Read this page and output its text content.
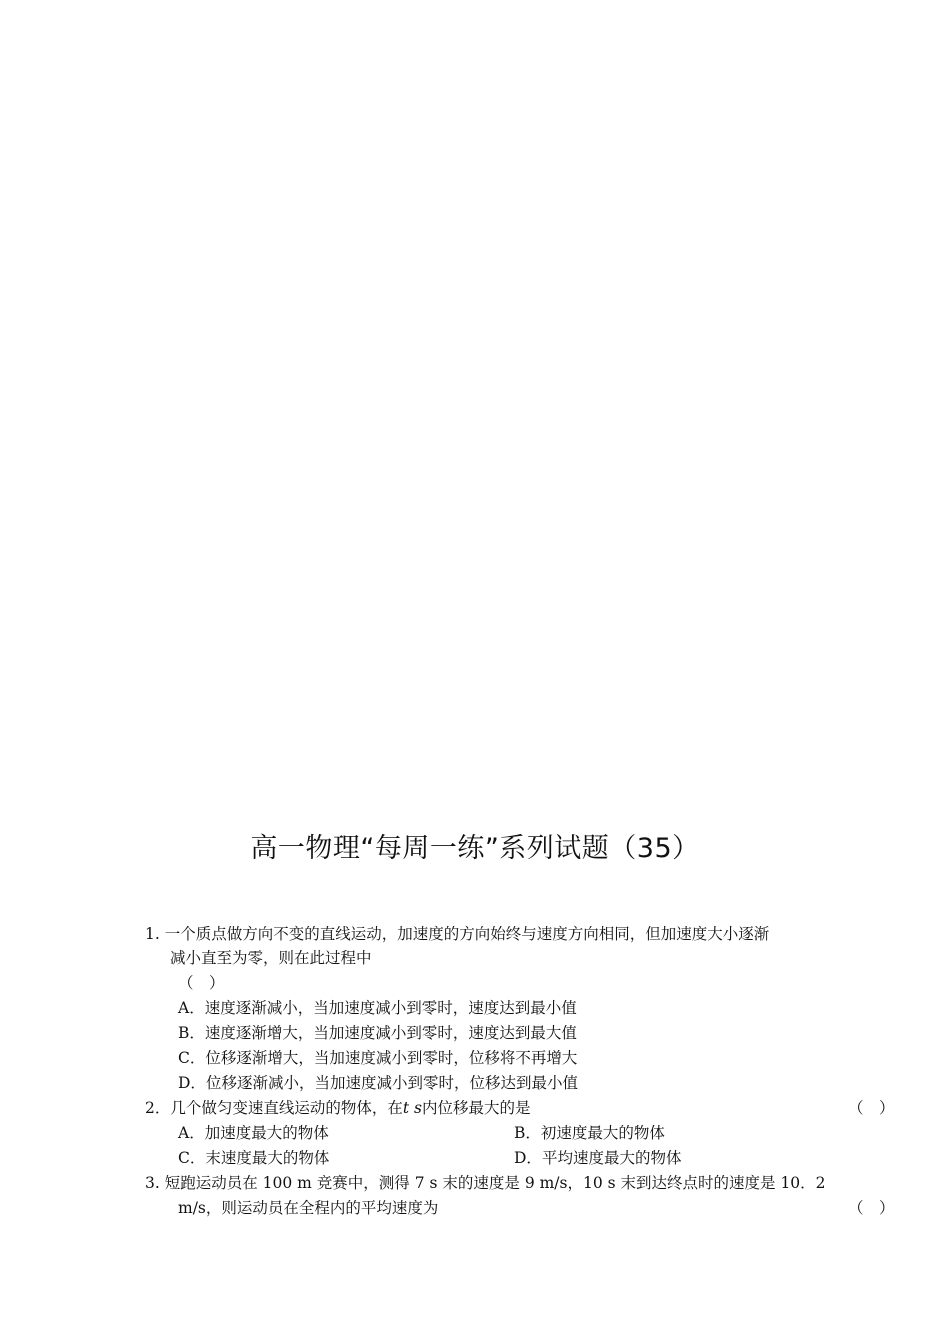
高一物理“每周一练”系列试题（35）
1. 一个质点做方向不变的直线运动，加速度的方向始终与速度方向相同，但加速度大小逐渐
减小直至为零，则在此过程中
（　）
A．速度逐渐减小，当加速度减小到零时，速度达到最小值
B．速度逐渐增大，当加速度减小到零时，速度达到最大值
C．位移逐渐增大，当加速度减小到零时，位移将不再增大
D．位移逐渐减小，当加速度减小到零时，位移达到最小值
2．几个做匀变速直线运动的物体，在t s内位移最大的是	（　）
A．加速度最大的物体	B．初速度最大的物体
C．末速度最大的物体	D．平均速度最大的物体
3. 短跑运动员在 100 m 竞赛中，测得 7 s 末的速度是 9 m/s，10 s 末到达终点时的速度是 10．2
m/s，则运动员在全程内的平均速度为	（　）
